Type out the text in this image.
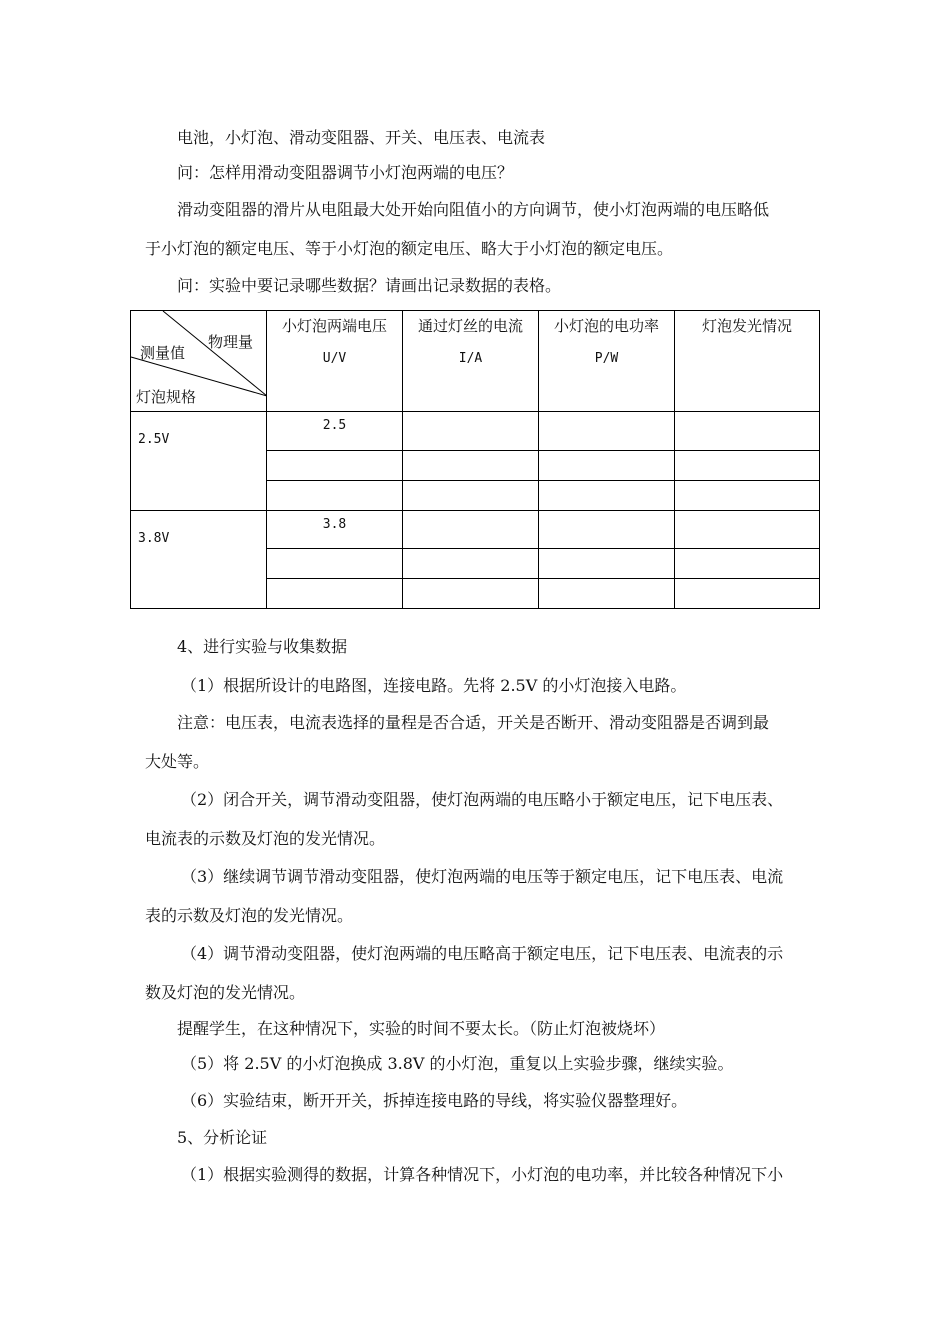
电池，小灯泡、滑动变阻器、开关、电压表、电流表
问：怎样用滑动变阻器调节小灯泡两端的电压？
滑动变阻器的滑片从电阻最大处开始向阻值小的方向调节，使小灯泡两端的电压略低
于小灯泡的额定电压、等于小灯泡的额定电压、略大于小灯泡的额定电压。
问：实验中要记录哪些数据？请画出记录数据的表格。
物理量
测量值
灯泡规格
小灯泡两端电压
U/V
通过灯丝的电流
I/A
小灯泡的电功率
P/W
灯泡发光情况
2.5V
2.5
3.8V
3.8
4、进行实验与收集数据
（1）根据所设计的电路图，连接电路。先将 2.5V 的小灯泡接入电路。
注意：电压表，电流表选择的量程是否合适，开关是否断开、滑动变阻器是否调到最
大处等。
（2）闭合开关，调节滑动变阻器，使灯泡两端的电压略小于额定电压，记下电压表、
电流表的示数及灯泡的发光情况。
（3）继续调节调节滑动变阻器，使灯泡两端的电压等于额定电压，记下电压表、电流
表的示数及灯泡的发光情况。
（4）调节滑动变阻器，使灯泡两端的电压略高于额定电压，记下电压表、电流表的示
数及灯泡的发光情况。
提醒学生，在这种情况下，实验的时间不要太长。（防止灯泡被烧坏）
（5）将 2.5V 的小灯泡换成 3.8V 的小灯泡，重复以上实验步骤，继续实验。
（6）实验结束，断开开关，拆掉连接电路的导线，将实验仪器整理好。
5、分析论证
（1）根据实验测得的数据，计算各种情况下，小灯泡的电功率，并比较各种情况下小
